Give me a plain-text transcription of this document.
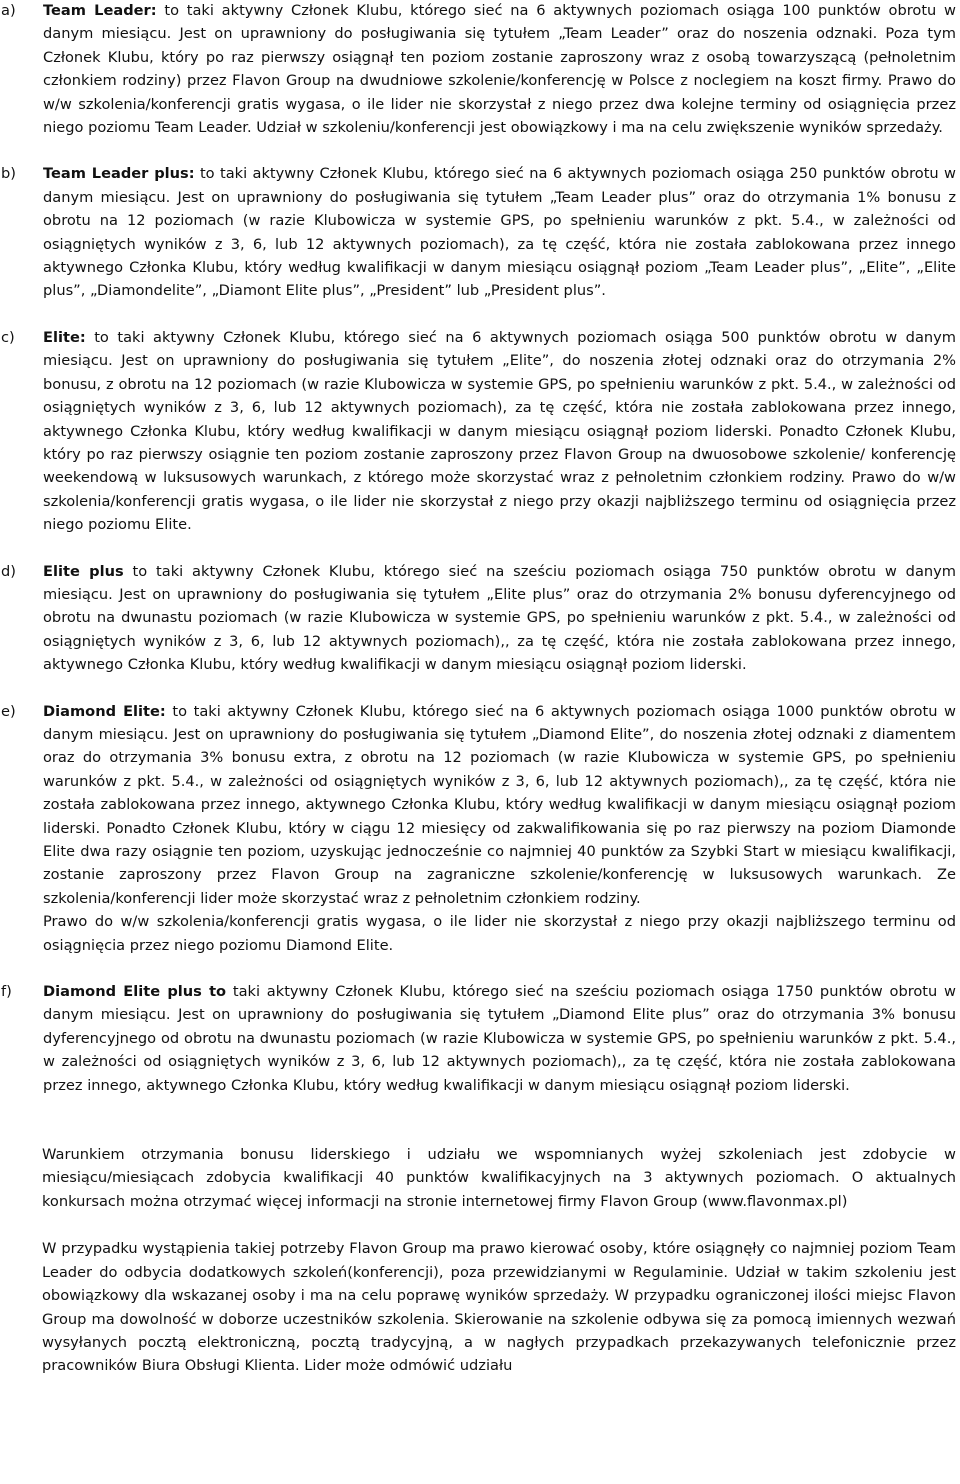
a)	Team Leader: to taki aktywny Członek Klubu, którego sieć na 6 aktywnych poziomach osiąga 100 punktów obrotu w danym miesiącu. Jest on uprawniony do posługiwania się tytułem „Team Leader” oraz do noszenia odznaki. Poza tym Członek Klubu, który po raz pierwszy osiągnął ten poziom zostanie zaproszony wraz z osobą towarzyszącą (pełnoletnim członkiem rodziny) przez Flavon Group na dwudniowe szkolenie/konferencję w Polsce z noclegiem na koszt firmy. Prawo do w/w szkolenia/konferencji gratis wygasa, o ile lider nie skorzystał z niego przez dwa kolejne terminy od osiągnięcia przez niego poziomu Team Leader. Udział w szkoleniu/konferencji jest obowiązkowy i ma na celu zwiększenie wyników sprzedaży.
b)	Team Leader plus: to taki aktywny Członek Klubu, którego sieć na 6 aktywnych poziomach osiąga 250 punktów obrotu w danym miesiącu. Jest on uprawniony do posługiwania się tytułem „Team Leader plus” oraz do otrzymania 1% bonusu z obrotu na 12 poziomach (w razie Klubowicza w systemie GPS, po spełnieniu warunków z pkt. 5.4., w zależności od osiągniętych wyników z 3, 6, lub 12 aktywnych poziomach), za tę część, która nie została zablokowana przez innego aktywnego Członka Klubu, który według kwalifikacji w danym miesiącu osiągnął poziom „Team Leader plus”, „Elite”, „Elite plus”, „Diamondelite”, „Diamont Elite plus”, „President” lub „President plus”.
c)	Elite: to taki aktywny Członek Klubu, którego sieć na 6 aktywnych poziomach osiąga 500 punktów obrotu w danym miesiącu. Jest on uprawniony do posługiwania się tytułem „Elite”, do noszenia złotej odznaki oraz do otrzymania 2% bonusu, z obrotu na 12 poziomach (w razie Klubowicza w systemie GPS, po spełnieniu warunków z pkt. 5.4., w zależności od osiągniętych wyników z 3, 6, lub 12 aktywnych poziomach), za tę część, która nie została zablokowana przez innego, aktywnego Członka Klubu, który według kwalifikacji w danym miesiącu osiągnął poziom liderski. Ponadto Członek Klubu, który po raz pierwszy osiągnie ten poziom zostanie zaproszony przez Flavon Group na dwuosobowe szkolenie/ konferencję weekendową w luksusowych warunkach, z którego może skorzystać wraz z pełnoletnim członkiem rodziny. Prawo do w/w szkolenia/konferencji gratis wygasa, o ile lider nie skorzystał z niego przy okazji najbliższego terminu od osiągnięcia przez niego poziomu Elite.
d)	Elite plus to taki aktywny Członek Klubu, którego sieć na sześciu poziomach osiąga 750 punktów obrotu w danym miesiącu. Jest on uprawniony do posługiwania się tytułem „Elite plus” oraz do otrzymania 2% bonusu dyferencyjnego od obrotu na dwunastu poziomach (w razie Klubowicza w systemie GPS, po spełnieniu warunków z pkt. 5.4., w zależności od osiągniętych wyników z 3, 6, lub 12 aktywnych poziomach),, za tę część, która nie została zablokowana przez innego, aktywnego Członka Klubu, który według kwalifikacji w danym miesiącu osiągnął poziom liderski.
e)	Diamond Elite: to taki aktywny Członek Klubu, którego sieć na 6 aktywnych poziomach osiąga 1000 punktów obrotu w danym miesiącu. Jest on uprawniony do posługiwania się tytułem „Diamond Elite”, do noszenia złotej odznaki z diamentem oraz do otrzymania 3% bonusu extra, z obrotu na 12 poziomach (w razie Klubowicza w systemie GPS, po spełnieniu warunków z pkt. 5.4., w zależności od osiągniętych wyników z 3, 6, lub 12 aktywnych poziomach),, za tę część, która nie została zablokowana przez innego, aktywnego Członka Klubu, który według kwalifikacji w danym miesiącu osiągnął poziom liderski. Ponadto Członek Klubu, który w ciągu 12 miesięcy od zakwalifikowania się po raz pierwszy na poziom Diamonde Elite dwa razy osiągnie ten poziom, uzyskując jednocześnie co najmniej 40 punktów za Szybki Start w miesiącu kwalifikacji, zostanie zaproszony przez Flavon Group na zagraniczne szkolenie/konferencję w luksusowych warunkach. Ze szkolenia/konferencji lider może skorzystać wraz z pełnoletnim członkiem rodziny.
Prawo do w/w szkolenia/konferencji gratis wygasa, o ile lider nie skorzystał z niego przy okazji najbliższego terminu od osiągnięcia przez niego poziomu Diamond Elite.
f)	Diamond Elite plus to taki aktywny Członek Klubu, którego sieć na sześciu poziomach osiąga 1750 punktów obrotu w danym miesiącu. Jest on uprawniony do posługiwania się tytułem „Diamond Elite plus” oraz do otrzymania 3% bonusu dyferencyjnego od obrotu na dwunastu poziomach (w razie Klubowicza w systemie GPS, po spełnieniu warunków z pkt. 5.4., w zależności od osiągniętych wyników z 3, 6, lub 12 aktywnych poziomach),, za tę część, która nie została zablokowana przez innego, aktywnego Członka Klubu, który według kwalifikacji w danym miesiącu osiągnął poziom liderski.

Warunkiem otrzymania bonusu liderskiego i udziału we wspomnianych wyżej szkoleniach jest zdobycie w miesiącu/miesiącach zdobycia kwalifikacji 40 punktów kwalifikacyjnych na 3 aktywnych poziomach. O aktualnych konkursach można otrzymać więcej informacji na stronie internetowej firmy Flavon Group (www.flavonmax.pl)

W przypadku wystąpienia takiej potrzeby Flavon Group ma prawo kierować osoby, które osiągnęły co najmniej poziom Team Leader do odbycia dodatkowych szkoleń(konferencji), poza przewidzianymi w Regulaminie. Udział w takim szkoleniu jest obowiązkowy dla wskazanej osoby i ma na celu poprawę wyników sprzedaży. W przypadku ograniczonej ilości miejsc Flavon Group ma dowolność w doborze uczestników szkolenia. Skierowanie na szkolenie odbywa się za pomocą imiennych wezwań wysyłanych pocztą elektroniczną, pocztą tradycyjną, a w nagłych przypadkach przekazywanych telefonicznie przez pracowników Biura Obsługi Klienta. Lider może odmówić udziału
